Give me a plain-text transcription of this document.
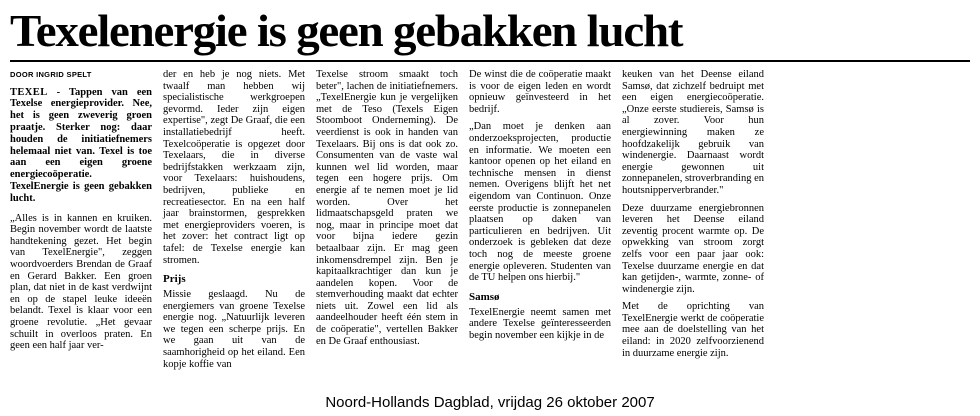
Texelenergie is geen gebakken lucht
DOOR INGRID SPELT

TEXEL - Tappen van een Texelse energieprovider. Nee, het is geen zweverig groen praatje. Sterker nog: daar houden de initiatiefnemers helemaal niet van. Texel is toe aan een eigen groene energiecoöperatie. TexelEnergie is geen gebakken lucht.

„Alles is in kannen en kruiken. Begin november wordt de laatste handtekening gezet. Het begin van TexelEnergie", zeggen woordvoerders Brendan de Graaf en Gerard Bakker. Een groen plan, dat niet in de kast verdwijnt en op de stapel leuke ideeën belandt. Texel is klaar voor een groene revolutie. „Het gevaar schuilt in overloos praten. En geen een half jaar ver-

der en heb je nog niets. Met twaalf man hebben wij specialistische werkgroepen gevormd. Ieder zijn eigen expertise", zegt De Graaf, die een installatiebedrijf heeft. Texelcoöperatie is opgezet door Texelaars, die in diverse bedrijfstakken werkzaam zijn, voor Texelaars: huishoudens, bedrijven, publieke en recreatiesector. En na een half jaar brainstormen, gesprekken met energieproviders voeren, is het zover: het contract ligt op tafel: de Texelse energie kan stromen.

Prijs

Missie geslaagd. Nu de energiemers van groene Texelse energie nog. „Natuurlijk leveren we tegen een scherpe prijs. En we gaan uit van de saamhorigheid op het eiland. Een kopje koffie van

Texelse stroom smaakt toch beter", lachen de initiatiefnemers. „TexelEnergie kun je vergelijken met de Teso (Texels Eigen Stoomboot Onderneming). De veerdienst is ook in handen van Texelaars. Bij ons is dat ook zo. Consumenten van de vaste wal kunnen wel lid worden, maar tegen een hogere prijs. Om energie af te nemen moet je lid worden. Over het lidmaatschapsgeld praten we nog, maar in principe moet dat voor bijna iedere gezin betaalbaar zijn. Er mag geen inkomensdrempel zijn. Ben je kapitaalkrachtiger dan kun je aandelen kopen. Voor de stemverhouding maakt dat echter niets uit. Zowel een lid als aandeelhouder heeft één stem in de coöperatie", vertellen Bakker en De Graaf enthousiast.

De winst die de coöperatie maakt is voor de eigen leden en wordt opnieuw geïnvesteerd in het bedrijf.

„Dan moet je denken aan onderzoeksprojecten, productie en informatie. We moeten een kantoor openen op het eiland en technische mensen in dienst nemen. Overigens blijft het net eigendom van Continuon. Onze eerste productie is zonnepanelen plaatsen op daken van particulieren en bedrijven. Uit onderzoek is gebleken dat deze toch nog de meeste groene energie opleveren. Studenten van de TU helpen ons hierbij."

Samsø

TexelEnergie neemt samen met andere Texelse geïnteresseerden begin november een kijkje in de

keuken van het Deense eiland Samsø, dat zichzelf bedruipt met een eigen energiecoöperatie. „Onze eerste studiereis, Samsø is al zover. Voor hun energiewinning maken ze hoofdzakelijk gebruik van windenergie. Daarnaast wordt energie gewonnen uit zonnepanelen, stroverbranding en houtsnipperverbrander."

Deze duurzame energiebronnen leveren het Deense eiland zeventig procent warmte op. De opwekking van stroom zorgt zelfs voor een paar jaar ook: Texelse duurzame energie en dat kan getijden-, warmte, zonne- of windenergie zijn.

Met de oprichting van TexelEnergie werkt de coöperatie mee aan de doelstelling van het eiland: in 2020 zelfvoorzienend in duurzame energie zijn.

Noord-Hollands Dagblad, vrijdag 26 oktober 2007
